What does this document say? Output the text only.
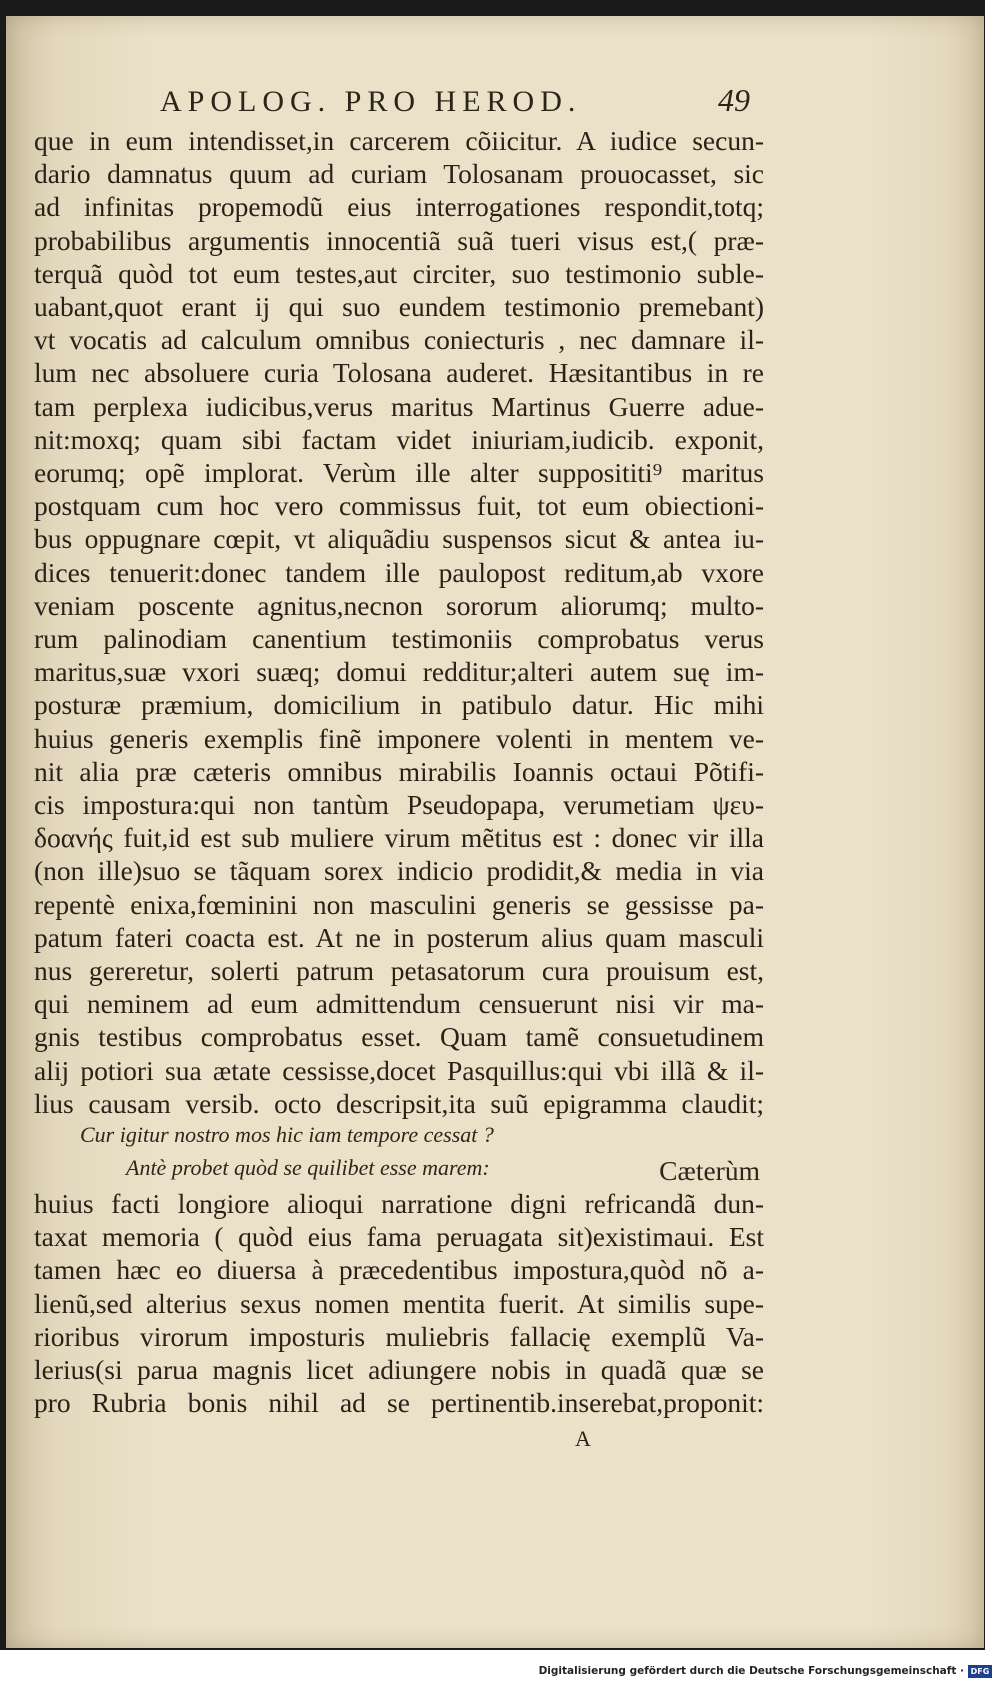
APOLOG. PRO HEROD.	49
que in eum intendisset,in carcerem cõiicitur. A iudice secun-
dario damnatus quum ad curiam Tolosanam prouocasset, sic
ad infinitas propemodũ eius interrogationes respondit,totq;
probabilibus argumentis innocentiã suã tueri visus est,( præ-
terquã quòd tot eum testes,aut circiter, suo testimonio suble-
uabant,quot erant ij qui suo eundem testimonio premebant)
vt vocatis ad calculum omnibus coniecturis , nec damnare il-
lum nec absoluere curia Tolosana auderet. Hæsitantibus in re
tam perplexa iudicibus,verus maritus Martinus Guerre adue-
nit:moxq; quam sibi factam videt iniuriam,iudicib. exponit,
eorumq; opẽ implorat. Verùm ille alter supposititi⁹ maritus
postquam cum hoc vero commissus fuit, tot eum obiectioni-
bus oppugnare cœpit, vt aliquãdiu suspensos sicut & antea iu-
dices tenuerit:donec tandem ille paulopost reditum,ab vxore
veniam poscente agnitus,necnon sororum aliorumq; multo-
rum palinodiam canentium testimoniis comprobatus verus
maritus,suæ vxori suæq; domui redditur;alteri autem suę im-
posturæ præmium, domicilium in patibulo datur. Hic mihi
huius generis exemplis finẽ imponere volenti in mentem ve-
nit alia præ cæteris omnibus mirabilis Ioannis octaui Põtifi-
cis impostura:qui non tantùm Pseudopapa, verumetiam ψευ-
δοανής fuit,id est sub muliere virum mẽtitus est : donec vir illa
(non ille)suo se tãquam sorex indicio prodidit,& media in via
repentè enixa,fœminini non masculini generis se gessisse pa-
patum fateri coacta est. At ne in posterum alius quam masculi
nus gereretur, solerti patrum petasatorum cura prouisum est,
qui neminem ad eum admittendum censuerunt nisi vir ma-
gnis testibus comprobatus esset. Quam tamẽ consuetudinem
alij potiori sua ætate cessisse,docet Pasquillus:qui vbi illã & il-
lius causam versib. octo descripsit,ita suũ epigramma claudit;
Cur igitur nostro mos hic iam tempore cessat ?
Antè probet quòd se quilibet esse marem:	Cæterùm
huius facti longiore alioqui narratione digni refricandã dun-
taxat memoria ( quòd eius fama peruagata sit)existimaui. Est
tamen hæc eo diuersa à præcedentibus impostura,quòd nõ a-
lienũ,sed alterius sexus nomen mentita fuerit. At similis supe-
rioribus virorum imposturis muliebris fallacię exemplũ Va-
lerius(si parua magnis licet adiungere nobis in quadã quæ se
pro Rubria bonis nihil ad se pertinentib.inserebat,proponit:
A
Digitalisierung gefördert durch die Deutsche Forschungsgemeinschaft · DFG
